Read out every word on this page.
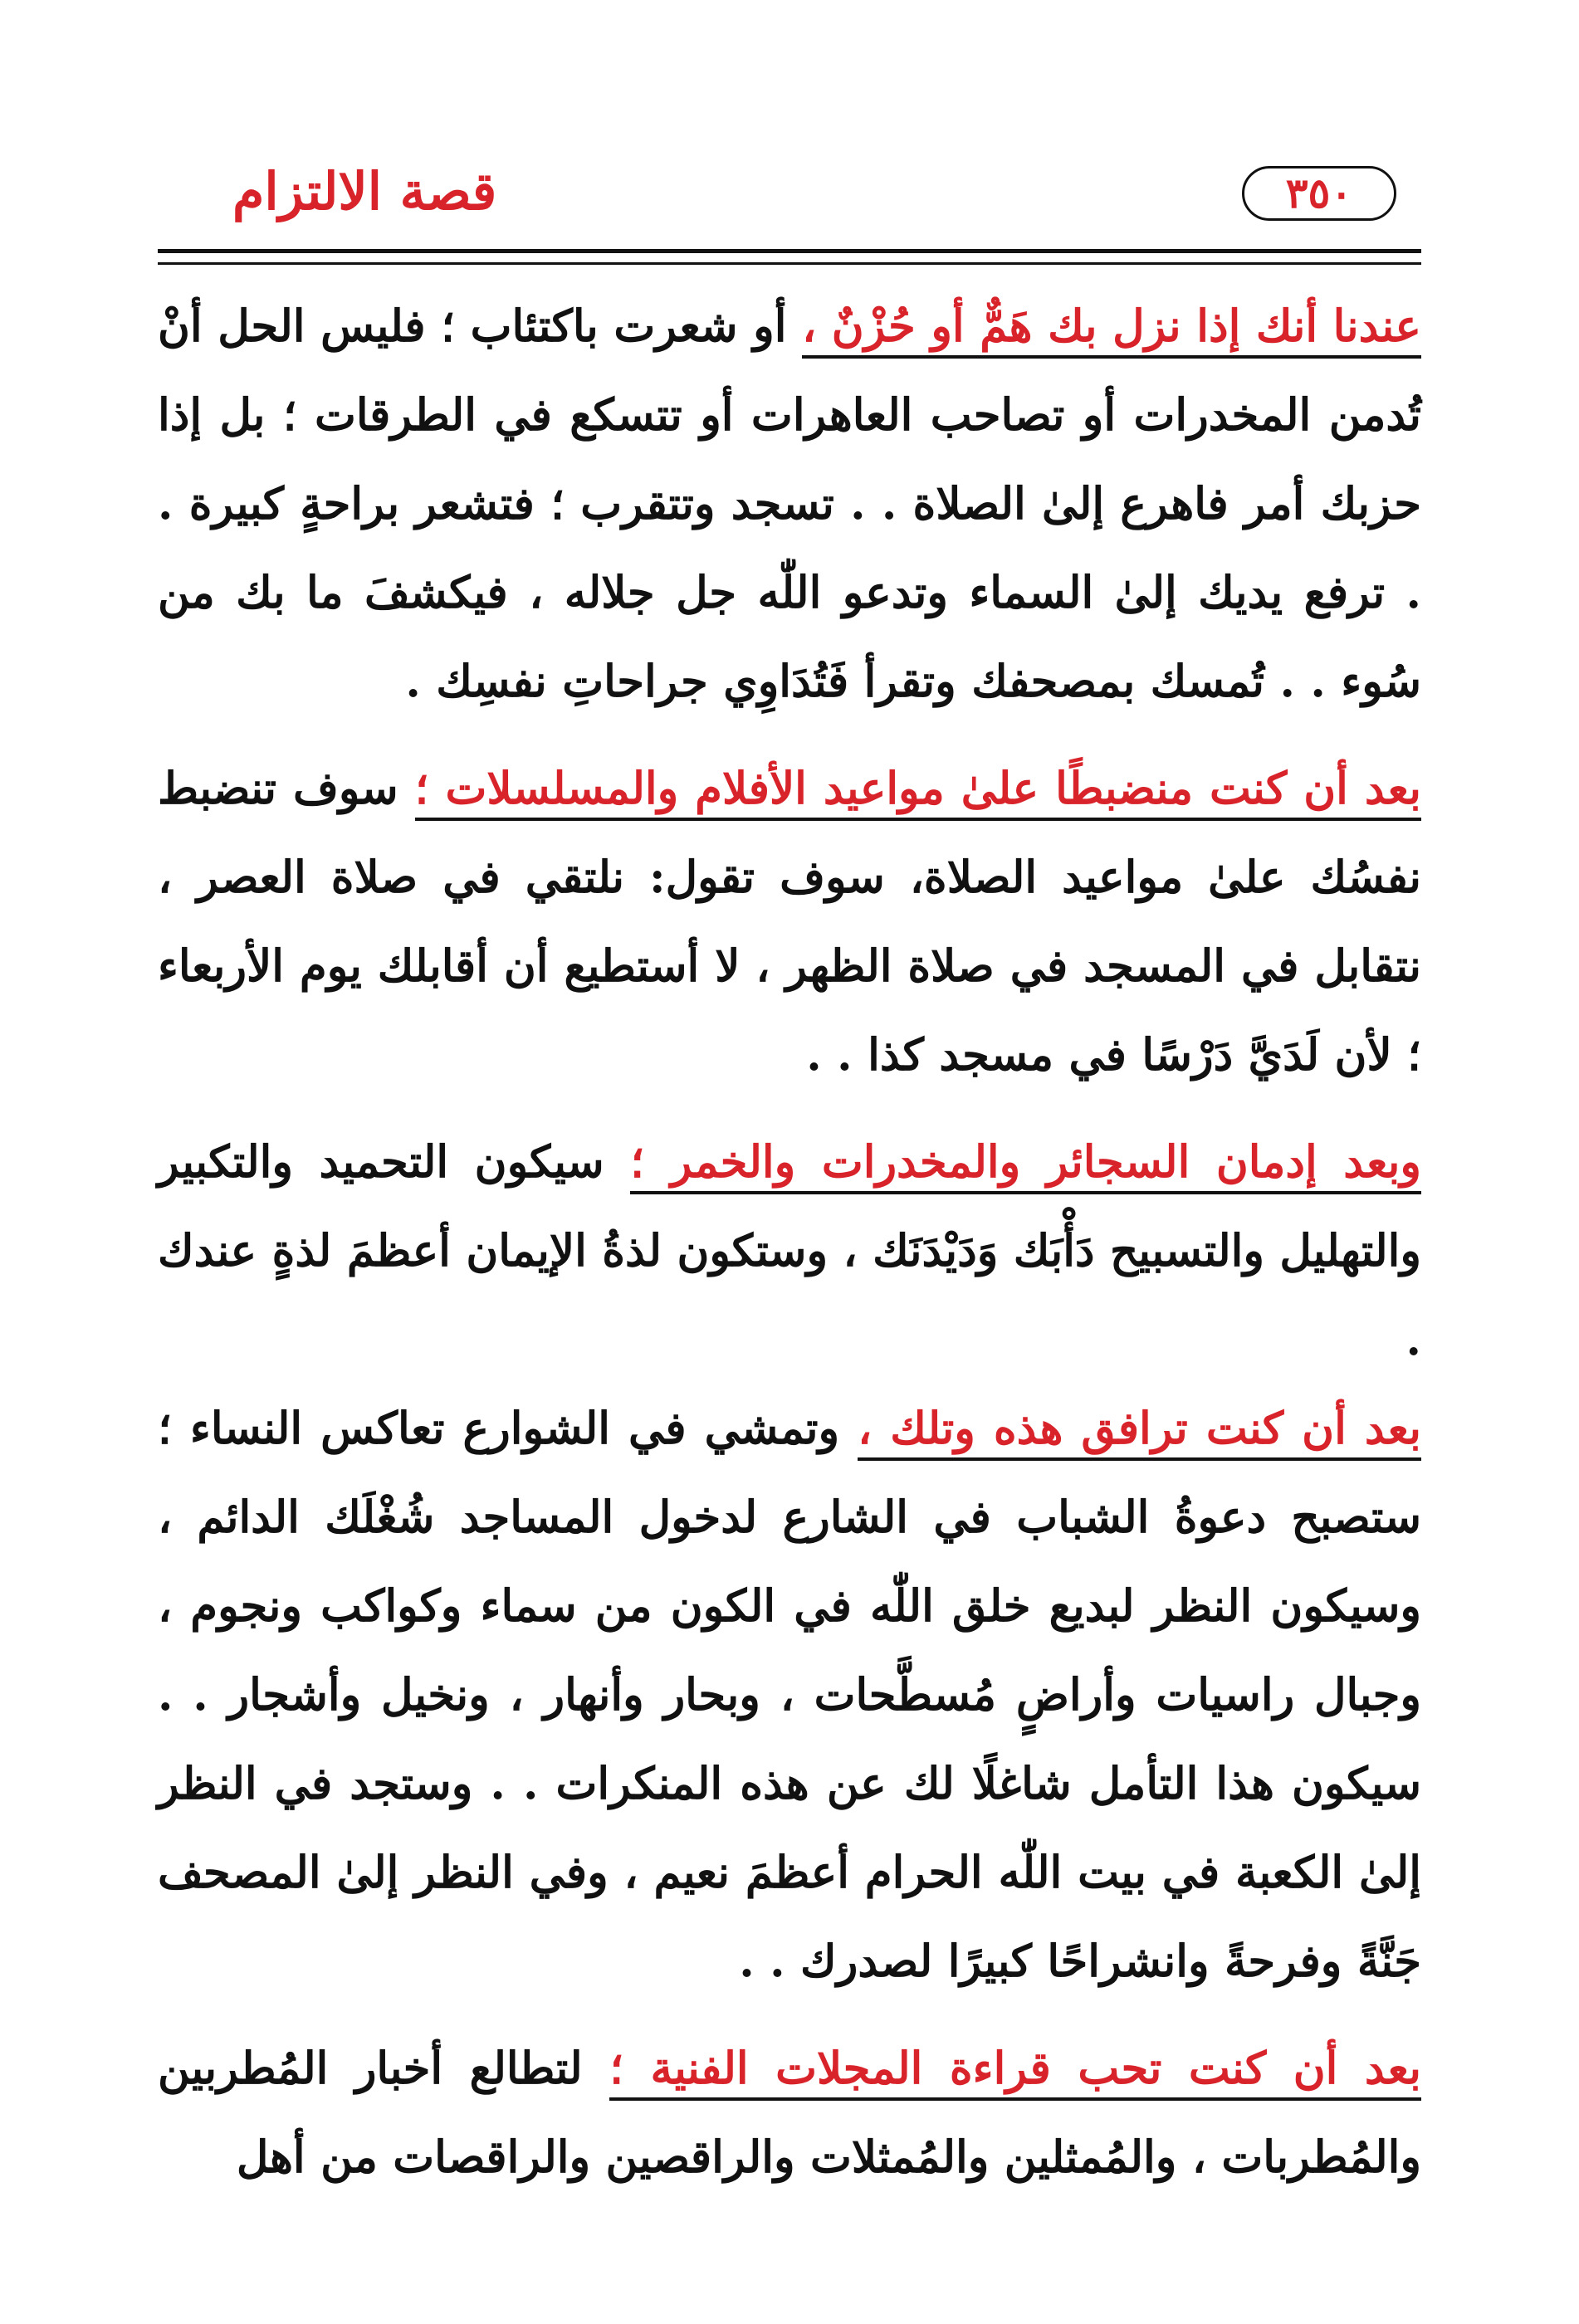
قصة الالتزام	٣٥٠

عندنا أنك إذا نزل بك هَمٌّ أو حُزْنٌ ، أو شعرت باكتئاب ؛ فليس الحل أنْ تُدمن المخدرات أو تصاحب العاهرات أو تتسكع في الطرقات ؛ بل إذا حزبك أمر فاهرع إلىٰ الصلاة . . تسجد وتتقرب ؛ فتشعر براحةٍ كبيرة . . ترفع يديك إلىٰ السماء وتدعو اللّٰه جل جلاله ، فيكشفَ ما بك من سُوء . . تُمسك بمصحفك وتقرأ فَتُدَاوِي جراحاتِ نفسِك .

بعد أن كنت منضبطًا علىٰ مواعيد الأفلام والمسلسلات ؛ سوف تنضبط نفسُك علىٰ مواعيد الصلاة، سوف تقول: نلتقي في صلاة العصر ، نتقابل في المسجد في صلاة الظهر ، لا أستطيع أن أقابلك يوم الأربعاء ؛ لأن لَدَيَّ دَرْسًا في مسجد كذا . .

وبعد إدمان السجائر والمخدرات والخمر ؛ سيكون التحميد والتكبير والتهليل والتسبيح دَأْبَك وَدَيْدَنَك ، وستكون لذةُ الإيمان أعظمَ لذةٍ عندك .

بعد أن كنت ترافق هذه وتلك ، وتمشي في الشوارع تعاكس النساء ؛ ستصبح دعوةُ الشباب في الشارع لدخول المساجد شُغْلَك الدائم ، وسيكون النظر لبديع خلق اللّٰه في الكون من سماء وكواكب ونجوم ، وجبال راسيات وأراضٍ مُسطَّحات ، وبحار وأنهار ، ونخيل وأشجار . . سيكون هذا التأمل شاغلًا لك عن هذه المنكرات . . وستجد في النظر إلىٰ الكعبة في بيت اللّٰه الحرام أعظمَ نعيم ، وفي النظر إلىٰ المصحف جَنَّةً وفرحةً وانشراحًا كبيرًا لصدرك . .

بعد أن كنت تحب قراءة المجلات الفنية ؛ لتطالع أخبار المُطربين والمُطربات ، والمُمثلين والمُمثلات والراقصين والراقصات من أهل
